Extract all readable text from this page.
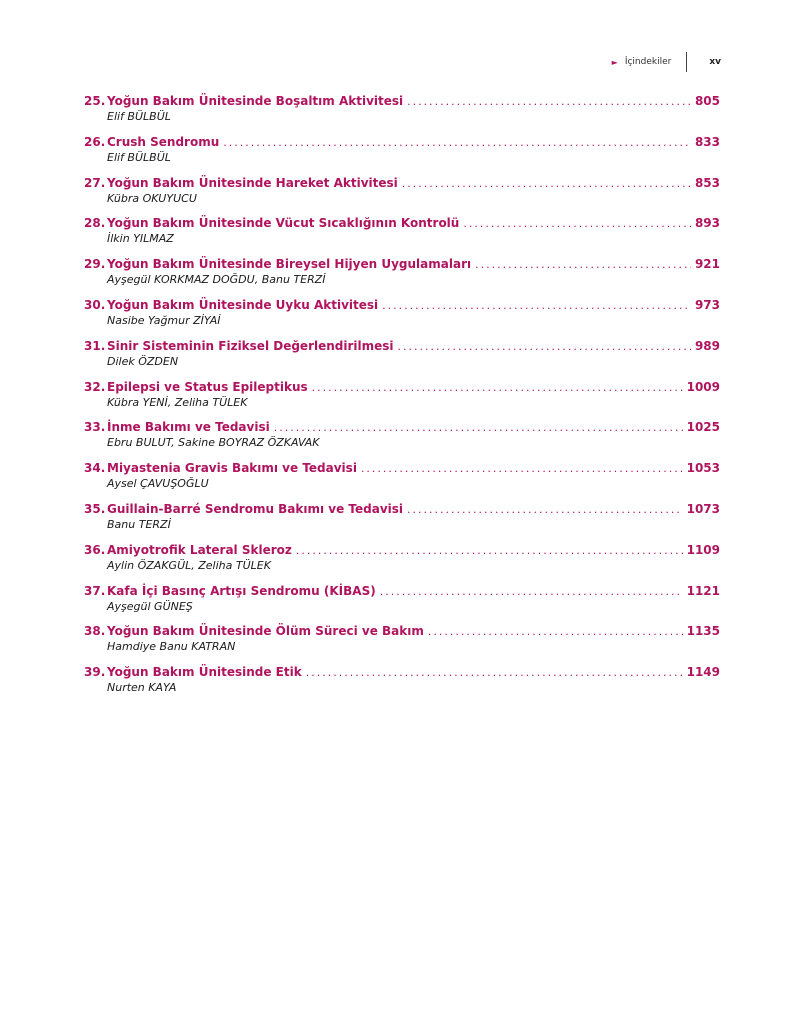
► İçindekiler	xv
25. Yoğun Bakım Ünitesinde Boşaltım Aktivitesi .....	805
Elif BÜLBÜL
26. Crush Sendromu .....	833
Elif BÜLBÜL
27. Yoğun Bakım Ünitesinde Hareket Aktivitesi .....	853
Kübra OKUYUCU
28. Yoğun Bakım Ünitesinde Vücut Sıcaklığının Kontrolü .....	893
İlkin YILMAZ
29. Yoğun Bakım Ünitesinde Bireysel Hijyen Uygulamaları .....	921
Ayşegül KORKMAZ DOĞDU, Banu TERZİ
30. Yoğun Bakım Ünitesinde Uyku Aktivitesi .....	973
Nasibe Yağmur ZİYAİ
31. Sinir Sisteminin Fiziksel Değerlendirilmesi .....	989
Dilek ÖZDEN
32. Epilepsi ve Status Epileptikus .....	1009
Kübra YENİ, Zeliha TÜLEK
33. İnme Bakımı ve Tedavisi .....	1025
Ebru BULUT, Sakine BOYRAZ ÖZKAVAK
34. Miyastenia Gravis Bakımı ve Tedavisi .....	1053
Aysel ÇAVUŞOĞLU
35. Guillain-Barré Sendromu Bakımı ve Tedavisi .....	1073
Banu TERZİ
36. Amiyotrofik Lateral Skleroz .....	1109
Aylin ÖZAKGÜL, Zeliha TÜLEK
37. Kafa İçi Basınç Artışı Sendromu (KİBAS) .....	1121
Ayşegül GÜNEŞ
38. Yoğun Bakım Ünitesinde Ölüm Süreci ve Bakım .....	1135
Hamdiye Banu KATRAN
39. Yoğun Bakım Ünitesinde Etik .....	1149
Nurten KAYA
